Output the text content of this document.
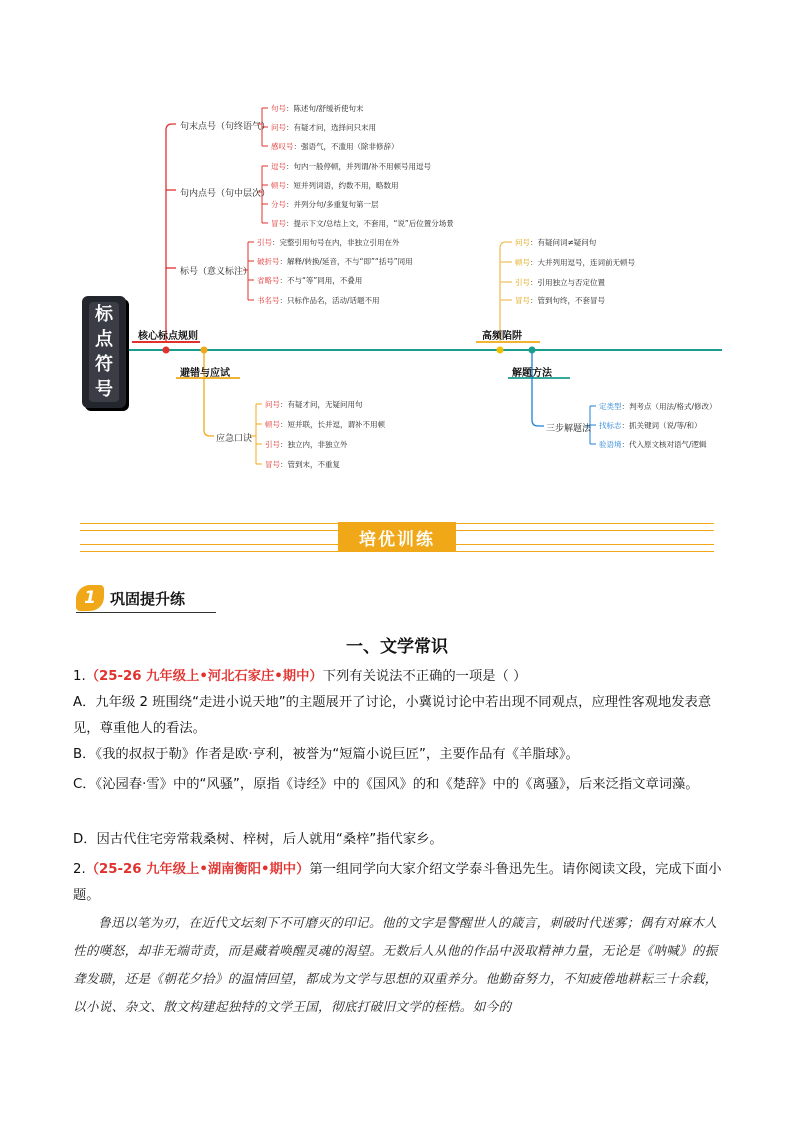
标
点
符
号
核心标点规则
句末点号（句终语气）
句内点号（句中层次）
标号（意义标注）
句号：陈述句/舒缓祈使句末
问号：有疑才问，选择问只末用
感叹号：强语气，不滥用（除非修辞）
逗号：句内一般停顿，并列谓/补不用顿号用逗号
顿号：短并列词语，约数不用，略数用
分号：并列分句/多重复句第一层
冒号：提示下文/总结上文，不套用，“说”后位置分场景
引号：完整引用句号在内，非独立引用在外
破折号：解释/转换/延音，不与“即”“括号”同用
省略号：不与“等”同用，不叠用
书名号：只标作品名，活动/话题不用
避错与应试
应急口诀
问号：有疑才问，无疑问用句
顿号：短并联，长并逗，谓补不用顿
引号：独立内，非独立外
冒号：管到末，不重复
高频陷阱
问号：有疑问词≠疑问句
顿号：大并列用逗号，连词前无顿号
引号：引用独立与否定位置
冒号：管到句终，不套冒号
解题方法
三步解题法
定类型：判考点（用法/格式/修改）
找标志：抓关键词（说/等/和）
验语境：代入原文核对语气/逻辑
培优训练
1 巩固提升练
一、文学常识
1.（25-26 九年级上•河北石家庄•期中）下列有关说法不正确的一项是（ ）
A．九年级 2 班围绕“走进小说天地”的主题展开了讨论，小冀说讨论中若出现不同观点，应理性客观地发表意见，尊重他人的看法。
B．《我的叔叔于勒》作者是欧·亨利，被誉为“短篇小说巨匠”，主要作品有《羊脂球》。
C．《沁园春·雪》中的“风骚”，原指《诗经》中的《国风》的和《楚辞》中的《离骚》，后来泛指文章词藻。
D．因古代住宅旁常栽桑树、梓树，后人就用“桑梓”指代家乡。
2.（25-26 九年级上•湖南衡阳•期中）第一组同学向大家介绍文学泰斗鲁迅先生。请你阅读文段，完成下面小题。
鲁迅以笔为刃，在近代文坛刻下不可磨灭的印记。他的文字是警醒世人的箴言，刺破时代迷雾；偶有对麻木人性的嘆怒，却非无端苛责，而是藏着唤醒灵魂的渴望。无数后人从他的作品中汲取精神力量，无论是《呐喊》的振聋发聩，还是《朝花夕拾》的温情回望，都成为文学与思想的双重养分。他勤奋努力，不知疲倦地耕耘三十余载，以小说、杂文、散文构建起独特的文学王国，彻底打破旧文学的桎梏。如今的
